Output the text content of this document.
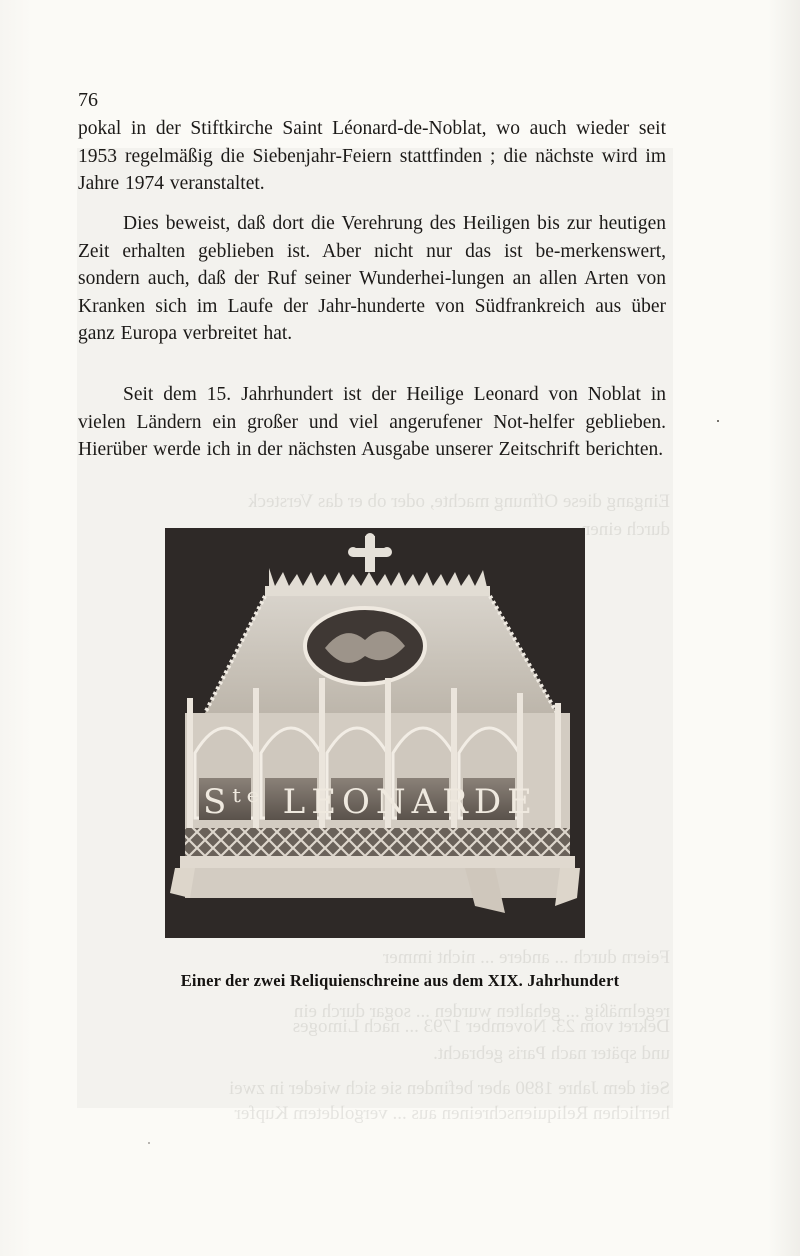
Eingang diese Offnung machte, oder ob er das Versteck
durch einen ...
Feiern durch ... andere ... nicht immer
regelmäßig ... gehalten wurden ... sogar durch ein
Dekret vom 23. November 1793 ... nach Limoges
und später nach Paris gebracht.
Seit dem Jahre 1890 aber befinden sie sich wieder in zwei
herrlichen Reliquienschreinen aus ... vergoldetem Kupfer
76

pokal in der Stiftkirche Saint Léonard-de-Noblat, wo auch wieder seit 1953 regelmäßig die Siebenjahr-Feiern stattfinden ; die nächste wird im Jahre 1974 veranstaltet.

Dies beweist, daß dort die Verehrung des Heiligen bis zur heutigen Zeit erhalten geblieben ist. Aber nicht nur das ist be-merkenswert, sondern auch, daß der Ruf seiner Wunderhei-lungen an allen Arten von Kranken sich im Laufe der Jahr-hunderte von Südfrankreich aus über ganz Europa verbreitet hat.

Seit dem 15. Jahrhundert ist der Heilige Leonard von Noblat in vielen Ländern ein großer und viel angerufener Not-helfer geblieben. Hierüber werde ich in der nächsten Ausgabe unserer Zeitschrift berichten.

Sᵗᵉ LEONARDE
Einer der zwei Reliquienschreine aus dem XIX. Jahrhundert
